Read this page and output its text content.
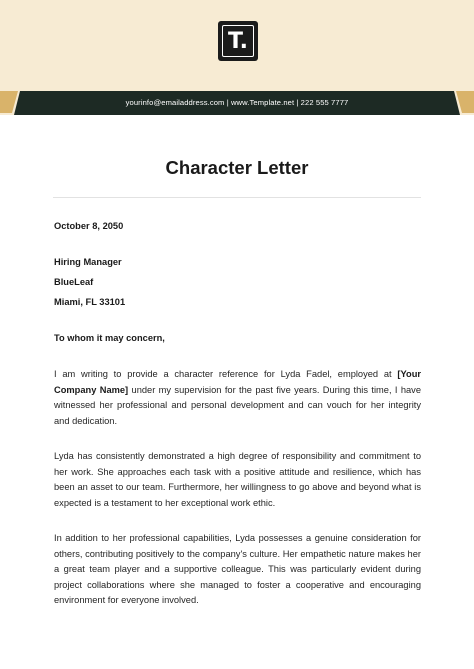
T.
yourinfo@emailaddress.com | www.Template.net | 222 555 7777
Character Letter
October 8, 2050
Hiring Manager
BlueLeaf
Miami, FL 33101
To whom it may concern,
I am writing to provide a character reference for Lyda Fadel, employed at [Your Company Name] under my supervision for the past five years. During this time, I have witnessed her professional and personal development and can vouch for her integrity and dedication.
Lyda has consistently demonstrated a high degree of responsibility and commitment to her work. She approaches each task with a positive attitude and resilience, which has been an asset to our team. Furthermore, her willingness to go above and beyond what is expected is a testament to her exceptional work ethic.
In addition to her professional capabilities, Lyda possesses a genuine consideration for others, contributing positively to the company's culture. Her empathetic nature makes her a great team player and a supportive colleague. This was particularly evident during project collaborations where she managed to foster a cooperative and encouraging environment for everyone involved.
